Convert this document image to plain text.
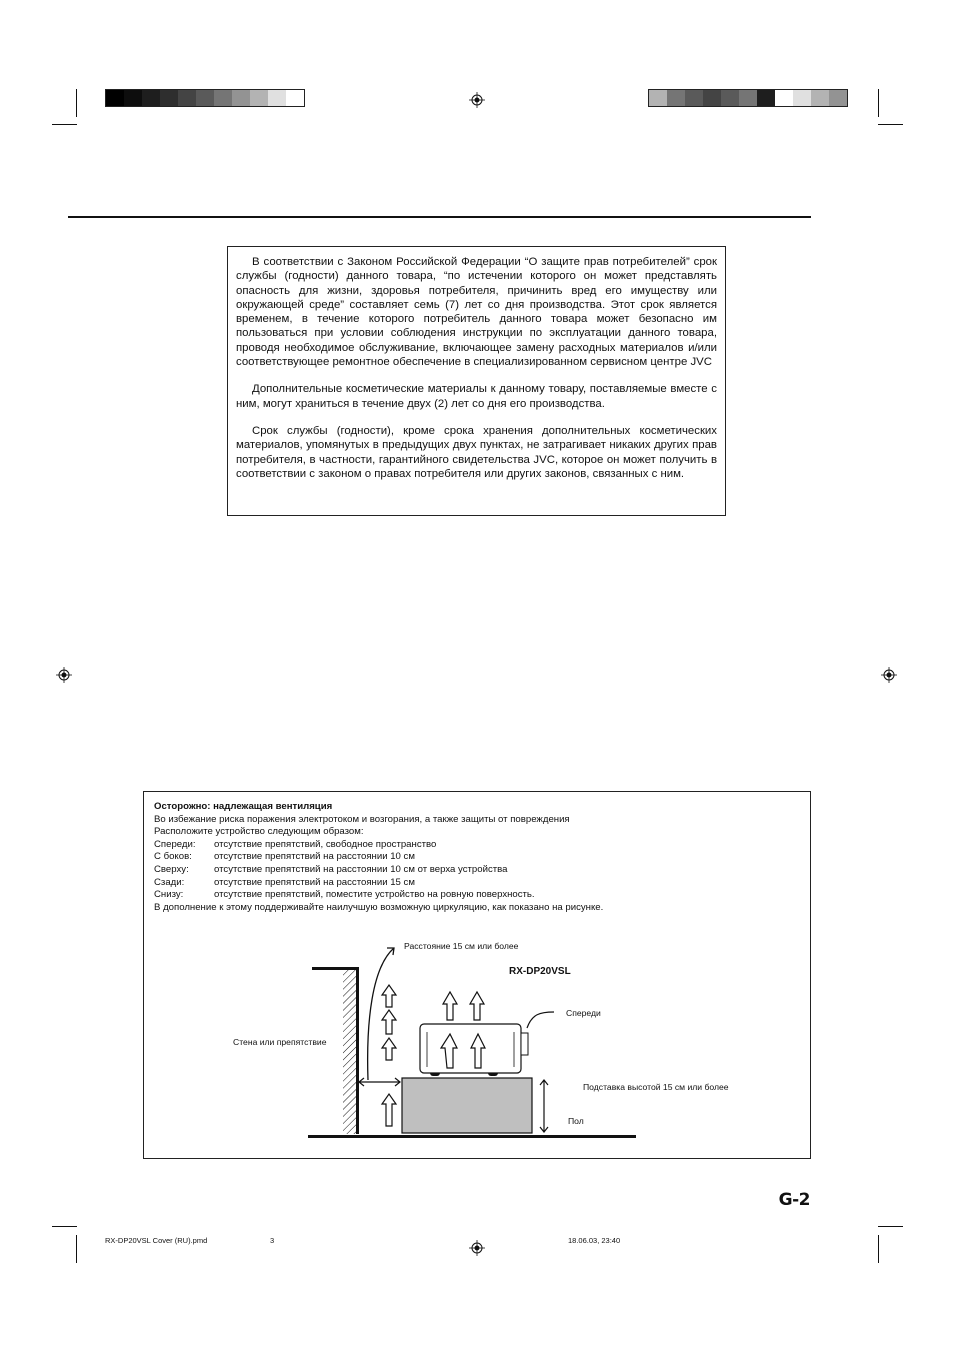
В соответствии с Законом Российской Федерации “О защите прав потребителей” срок службы (годности) данного товара, “по истечении которого он может представлять опасность для жизни, здоровья потребителя, причинить вред его имуществу или окружающей среде” составляет семь (7) лет со дня производства. Этот срок является временем, в течение которого потребитель данного товара может безопасно им пользоваться при условии соблюдения инструкции по эксплуатации данного товара, проводя необходимое обслуживание, включающее замену расходных материалов и/или соответствующее ремонтное обеспечение в специализированном сервисном центре JVC

Дополнительные косметические материалы к данному товару, поставляемые вместе с ним, могут храниться в течение двух (2) лет со дня его производства.

Срок службы (годности), кроме срока хранения дополнительных косметических материалов, упомянутых в предыдущих двух пунктах, не затрагивает никаких других прав потребителя, в частности, гарантийного свидетельства JVC, которое он может получить в соответствии с законом о правах потребителя или других законов, связанных с ним.

Осторожно: надлежащая вентиляция
Во избежание риска поражения электротоком и возгорания, а также защиты от повреждения
Расположите устройство следующим образом:
Спереди:	отсутствие препятствий, свободное пространство
С боков:	отсутствие препятствий на расстоянии 10 см
Сверху:	отсутствие препятствий на расстоянии 10 см от верха устройства
Сзади:	отсутствие препятствий на расстоянии 15 см
Снизу:	отсутствие препятствий, поместите устройство на ровную поверхность.
В дополнение к этому поддерживайте наилучшую возможную циркуляцию, как показано на рисунке.
Расстояние 15 см или более
RX-DP20VSL
Спереди
Стена или препятствие
Подставка высотой 15 см или более
Пол
G-2
RX-DP20VSL Cover (RU).pmd	3	18.06.03, 23:40
